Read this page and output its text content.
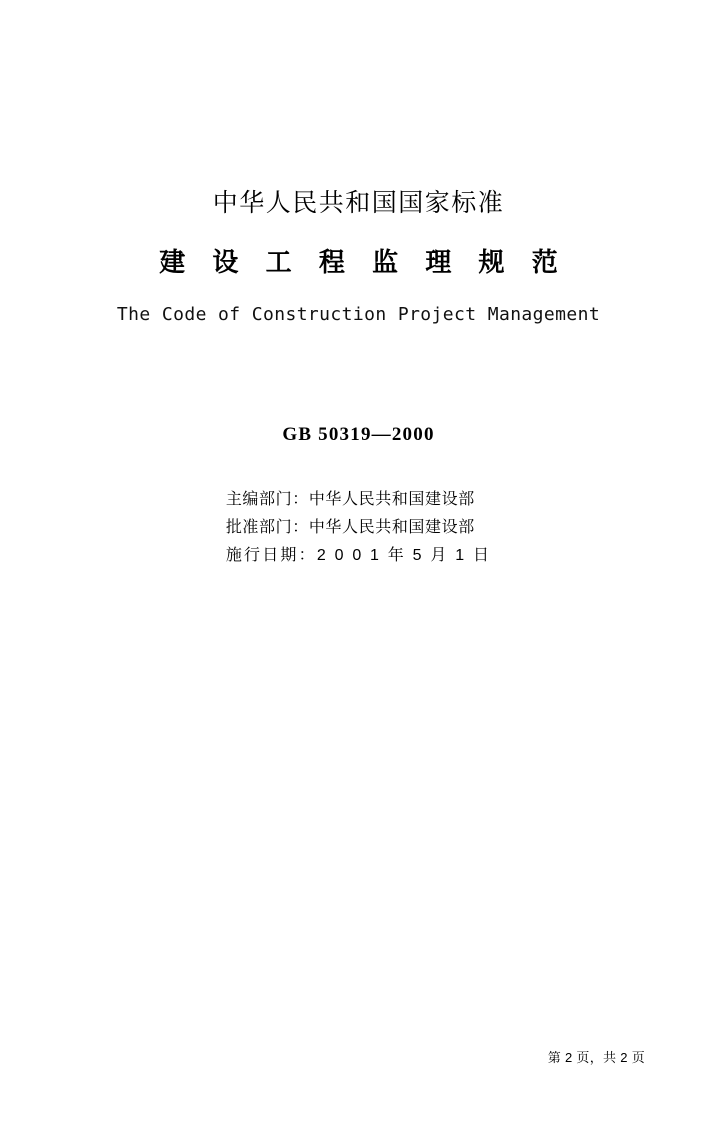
中华人民共和国国家标准
建 设 工 程 监 理 规 范
The Code of Construction Project Management
GB 50319—2000
主编部门：中华人民共和国建设部
批准部门：中华人民共和国建设部
施行日期：2 0 0 1 年 5 月 1 日
第 2 页，共 2 页
